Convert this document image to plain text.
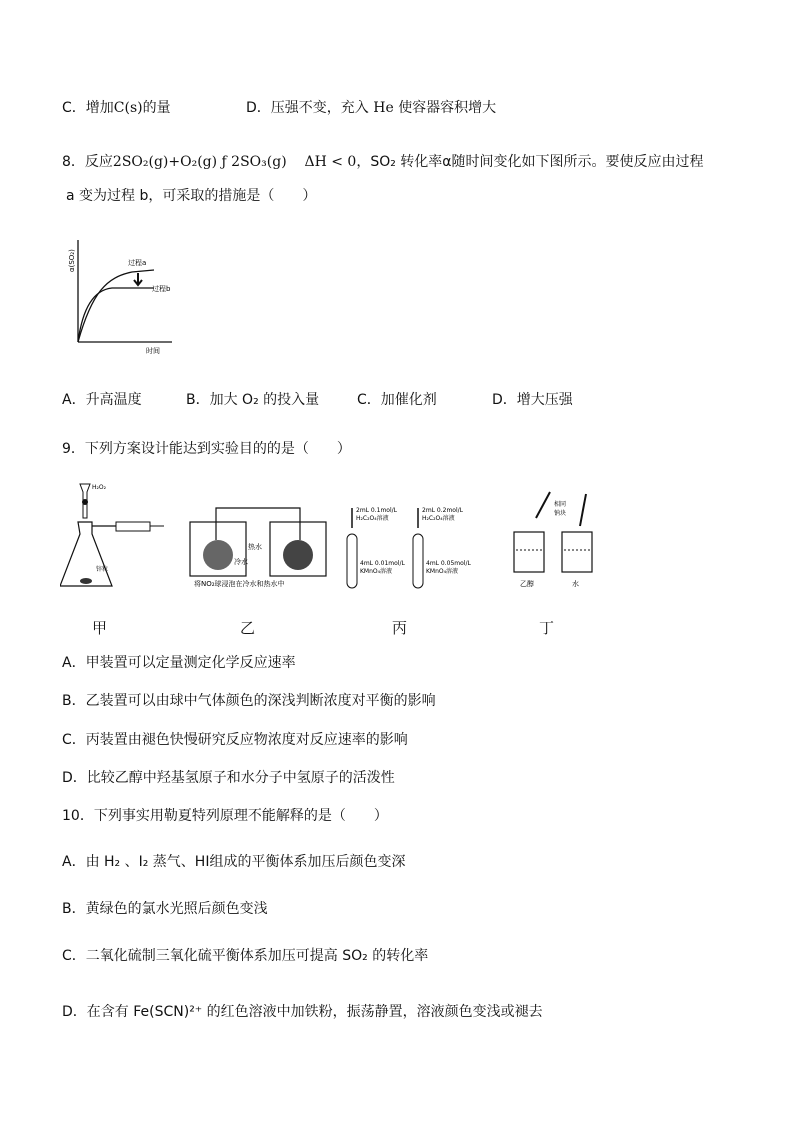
C．增加C(s)的量	D．压强不变，充入 He 使容器容积增大
8．反应2SO₂(g)+O₂(g) ƒ 2SO₃(g) ΔH < 0，SO₂ 转化率α随时间变化如下图所示。要使反应由过程
a 变为过程 b，可采取的措施是（　　）
α(SO₂)	过程a
过程b
时间
A．升高温度	B．加大 O₂ 的投入量	C．加催化剂	D．增大压强
9．下列方案设计能达到实验目的的是（　　）
H₂O₂
锌粒
热水
冷水
将NO₂球浸泡在冷水和热水中
2mL 0.1mol/L
H₂C₂O₄溶液
2mL 0.2mol/L
H₂C₂O₄溶液
4mL 0.01mol/L
KMnO₄溶液
4mL 0.05mol/L
KMnO₄溶液
相同
钠块
乙醇	水
甲	乙	丙	丁
A．甲装置可以定量测定化学反应速率
B．乙装置可以由球中气体颜色的深浅判断浓度对平衡的影响
C．丙装置由褪色快慢研究反应物浓度对反应速率的影响
D．比较乙醇中羟基氢原子和水分子中氢原子的活泼性
10．下列事实用勒夏特列原理不能解释的是（　　）
A．由 H₂ 、I₂ 蒸气、HI组成的平衡体系加压后颜色变深
B．黄绿色的氯水光照后颜色变浅
C．二氧化硫制三氧化硫平衡体系加压可提高 SO₂ 的转化率
D．在含有 Fe(SCN)²⁺ 的红色溶液中加铁粉，振荡静置，溶液颜色变浅或褪去
